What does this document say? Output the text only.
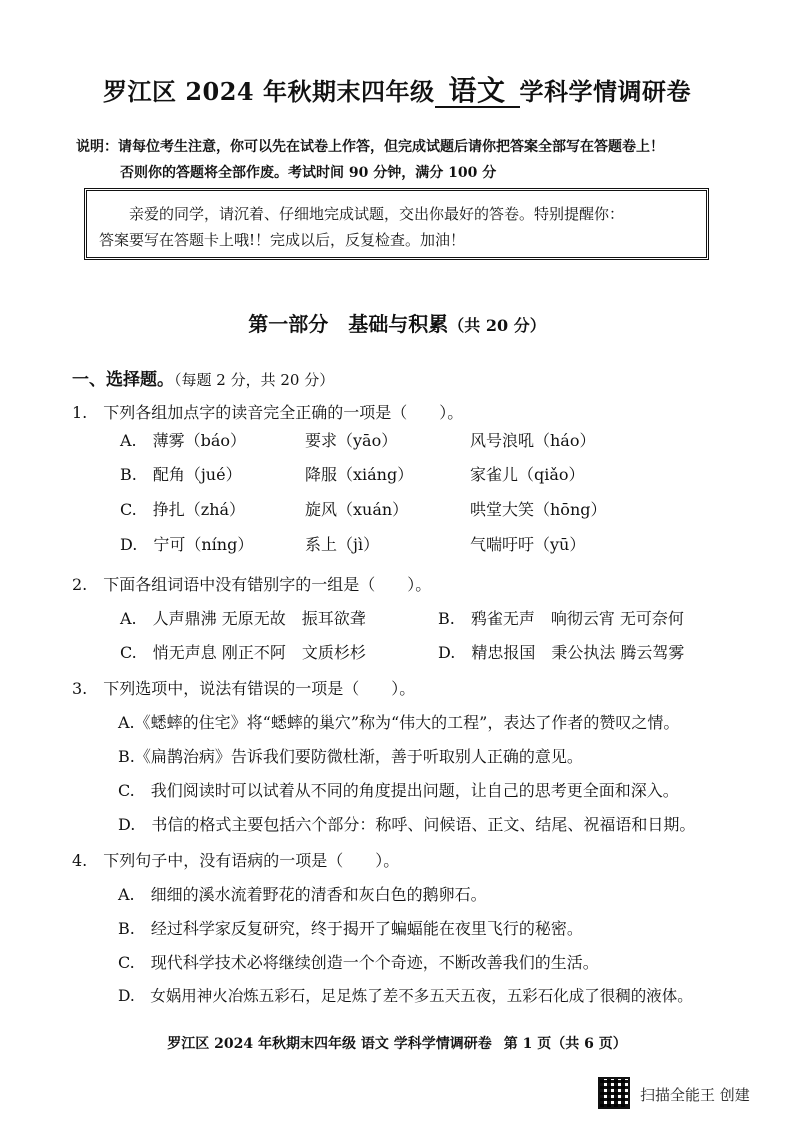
罗江区 2024 年秋期末四年级 语文 学科学情调研卷
说明：请每位考生注意，你可以先在试卷上作答，但完成试题后请你把答案全部写在答题卷上！
否则你的答题将全部作废。考试时间 90 分钟，满分 100 分
亲爱的同学，请沉着、仔细地完成试题，交出你最好的答卷。特别提醒你：
答案要写在答题卡上哦!！完成以后，反复检查。加油！
第一部分　基础与积累（共 20 分）
一、选择题。（每题 2 分，共 20 分）
1.　下列各组加点字的读音完全正确的一项是（　　）。
A.　薄雾（báo）	要求（yāo）	风号浪吼（háo）
B.　配角（jué）	降服（xiáng）	家雀儿（qiǎo）
C.　挣扎（zhá）	旋风（xuán）	哄堂大笑（hōng）
D.　宁可（níng）	系上（jì）	气喘吁吁（yū）
2.　下面各组词语中没有错别字的一组是（　　）。
A.　人声鼎沸 无原无故　振耳欲聋	B.　鸦雀无声　响彻云宵 无可奈何
C.　悄无声息 刚正不阿　文质杉杉	D.　精忠报国　秉公执法 腾云驾雾
3.　下列选项中，说法有错误的一项是（　　）。
A.《蟋蟀的住宅》将“蟋蟀的巢穴”称为“伟大的工程”，表达了作者的赞叹之情。
B.《扁鹊治病》告诉我们要防微杜渐，善于听取别人正确的意见。
C.　我们阅读时可以试着从不同的角度提出问题，让自己的思考更全面和深入。
D.　书信的格式主要包括六个部分：称呼、问候语、正文、结尾、祝福语和日期。
4.　下列句子中，没有语病的一项是（　　）。
A.　细细的溪水流着野花的清香和灰白色的鹅卵石。
B.　经过科学家反复研究，终于揭开了蝙蝠能在夜里飞行的秘密。
C.　现代科学技术必将继续创造一个个奇迹，不断改善我们的生活。
D.　女娲用神火冶炼五彩石，足足炼了差不多五天五夜，五彩石化成了很稠的液体。
罗江区 2024 年秋期末四年级 语文 学科学情调研卷 第 1 页（共 6 页）
扫描全能王 创建
